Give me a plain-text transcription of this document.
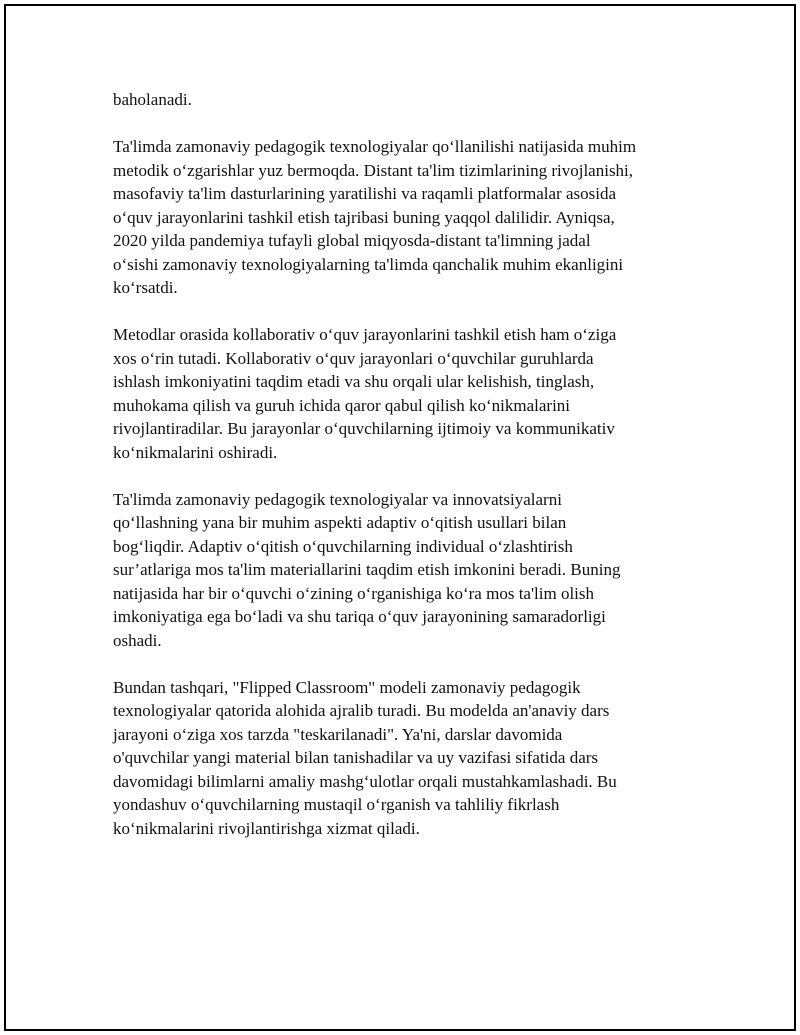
baholanadi.
Ta'limda zamonaviy pedagogik texnologiyalar qo‘llanilishi natijasida muhim
metodik o‘zgarishlar yuz bermoqda. Distant ta'lim tizimlarining rivojlanishi,
masofaviy ta'lim dasturlarining yaratilishi va raqamli platformalar asosida
o‘quv jarayonlarini tashkil etish tajribasi buning yaqqol dalilidir. Ayniqsa,
2020 yilda pandemiya tufayli global miqyosda-distant ta'limning jadal
o‘sishi zamonaviy texnologiyalarning ta'limda qanchalik muhim ekanligini
ko‘rsatdi.
Metodlar orasida kollaborativ o‘quv jarayonlarini tashkil etish ham o‘ziga
xos o‘rin tutadi. Kollaborativ o‘quv jarayonlari o‘quvchilar guruhlarda
ishlash imkoniyatini taqdim etadi va shu orqali ular kelishish, tinglash,
muhokama qilish va guruh ichida qaror qabul qilish ko‘nikmalarini
rivojlantiradilar. Bu jarayonlar o‘quvchilarning ijtimoiy va kommunikativ
ko‘nikmalarini oshiradi.
Ta'limda zamonaviy pedagogik texnologiyalar va innovatsiyalarni
qo‘llashning yana bir muhim aspekti adaptiv o‘qitish usullari bilan
bog‘liqdir. Adaptiv o‘qitish o‘quvchilarning individual o‘zlashtirish
sur’atlariga mos ta'lim materiallarini taqdim etish imkonini beradi. Buning
natijasida har bir o‘quvchi o‘zining o‘rganishiga ko‘ra mos ta'lim olish
imkoniyatiga ega bo‘ladi va shu tariqa o‘quv jarayonining samaradorligi
oshadi.
Bundan tashqari, "Flipped Classroom" modeli zamonaviy pedagogik
texnologiyalar qatorida alohida ajralib turadi. Bu modelda an'anaviy dars
jarayoni o‘ziga xos tarzda "teskarilanadi". Ya'ni, darslar davomida
o'quvchilar yangi material bilan tanishadilar va uy vazifasi sifatida dars
davomidagi bilimlarni amaliy mashg‘ulotlar orqali mustahkamlashadi. Bu
yondashuv o‘quvchilarning mustaqil o‘rganish va tahliliy fikrlash
ko‘nikmalarini rivojlantirishga xizmat qiladi.
